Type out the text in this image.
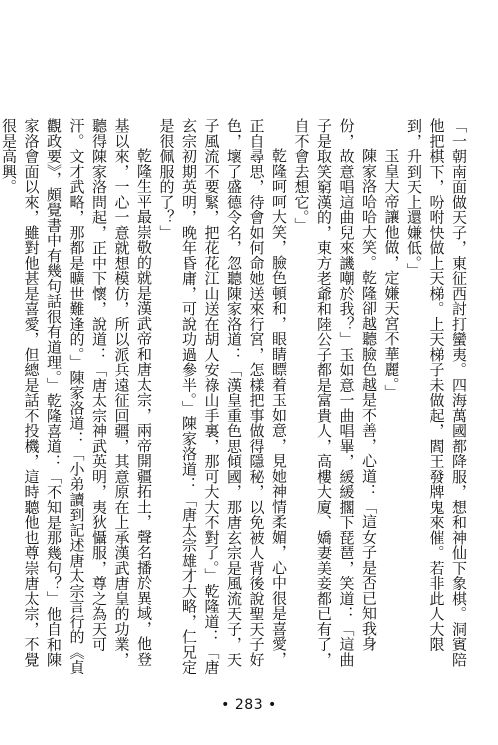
「一朝南面做天子，東征西討打蠻夷。四海萬國都降服，想和神仙下象棋。洞賓陪他把棋下，吩咐快做上天梯。上天梯子未做起，閻王發牌鬼來催。若非此人大限到，升到天上還嫌低。」

玉皇大帝讓他做，定嫌天宮不華麗。」

陳家洛哈哈大笑。乾隆卻越聽臉色越是不善，心道：「這女子是否已知我身份，故意唱這曲兒來譏嘲於我？」玉如意一曲唱畢，緩緩擱下琵琶，笑道：「這曲子是取笑窮漢的，東方老爺和陸公子都是富貴人，高樓大廈、嬌妻美妾都已有了，自不會去想它。」

乾隆呵呵大笑，臉色頓和，眼睛瞟着玉如意，見她神情柔媚，心中很是喜愛，正自尋思，待會如何命她送來行宮，怎樣把事做得隱秘，以免被人背後說聖天子好色，壞了盛德令名，忽聽陳家洛道：「漢皇重色思傾國，那唐玄宗是風流天子，天子風流不要緊，把花花江山送在胡人安祿山手裏，那可大大不對了。」乾隆道：「唐玄宗初期英明，晚年昏庸，可說功過參半。」陳家洛道：「唐太宗雄才大略，仁兄定是很佩服的了？」

乾隆生平最崇敬的就是漢武帝和唐太宗，兩帝開疆拓土，聲名播於異域，他登基以來，一心一意就想模仿，所以派兵遠征回疆，其意原在上承漢武唐皇的功業，聽得陳家洛問起，正中下懷，說道：「唐太宗神武英明，夷狄懾服，尊之為天可汗。文才武略，那都是曠世難逢的。」陳家洛道：「小弟讀到記述唐太宗言行的《貞觀政要》，頗覺書中有幾句話很有道理。」乾隆喜道：「不知是那幾句？」他自和陳家洛會面以來，雖對他甚是喜愛，但總是話不投機，這時聽他也尊崇唐太宗，不覺很是高興。

• 283 •
